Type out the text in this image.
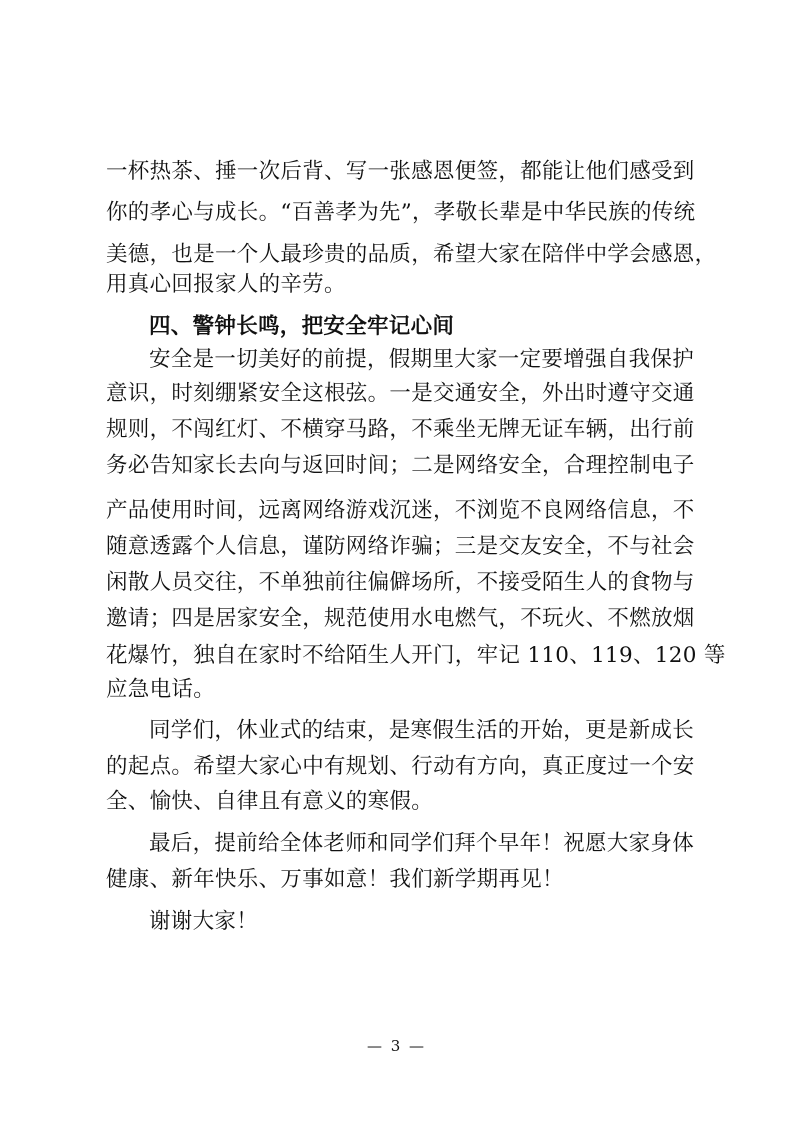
一杯热茶、捶一次后背、写一张感恩便签，都能让他们感受到
你的孝心与成长。“百善孝为先”，孝敬长辈是中华民族的传统
美德，也是一个人最珍贵的品质，希望大家在陪伴中学会感恩，
用真心回报家人的辛劳。
四、警钟长鸣，把安全牢记心间
安全是一切美好的前提，假期里大家一定要增强自我保护
意识，时刻绷紧安全这根弦。一是交通安全，外出时遵守交通
规则，不闯红灯、不横穿马路，不乘坐无牌无证车辆，出行前
务必告知家长去向与返回时间；二是网络安全，合理控制电子
产品使用时间，远离网络游戏沉迷，不浏览不良网络信息，不
随意透露个人信息，谨防网络诈骗；三是交友安全，不与社会
闲散人员交往，不单独前往偏僻场所，不接受陌生人的食物与
邀请；四是居家安全，规范使用水电燃气，不玩火、不燃放烟
花爆竹，独自在家时不给陌生人开门，牢记 110、119、120 等
应急电话。
同学们，休业式的结束，是寒假生活的开始，更是新成长
的起点。希望大家心中有规划、行动有方向，真正度过一个安
全、愉快、自律且有意义的寒假。
最后，提前给全体老师和同学们拜个早年！祝愿大家身体
健康、新年快乐、万事如意！我们新学期再见！
谢谢大家！
— 3 —
